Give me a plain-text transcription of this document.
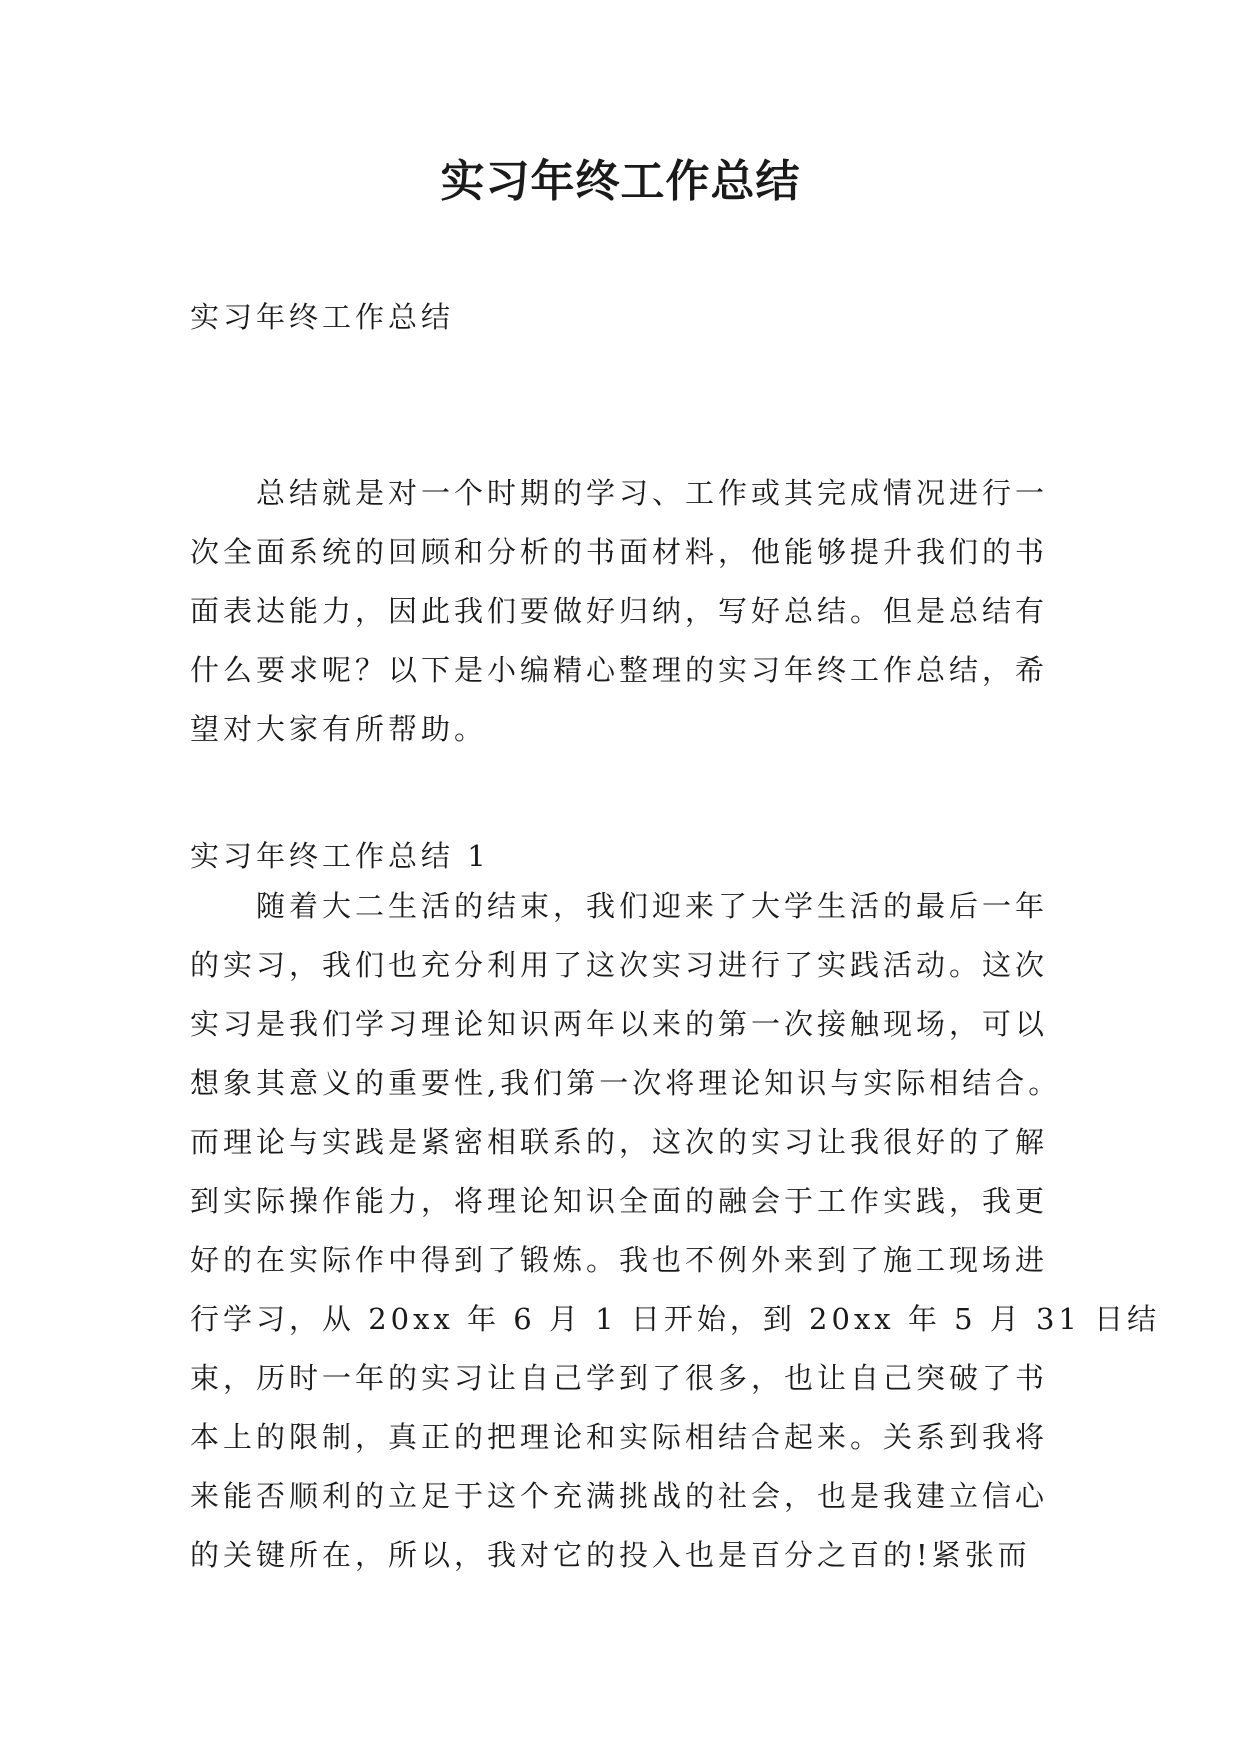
实习年终工作总结

实习年终工作总结

　　总结就是对一个时期的学习、工作或其完成情况进行一
次全面系统的回顾和分析的书面材料，他能够提升我们的书
面表达能力，因此我们要做好归纳，写好总结。但是总结有
什么要求呢？以下是小编精心整理的实习年终工作总结，希
望对大家有所帮助。

实习年终工作总结 1

　　随着大二生活的结束，我们迎来了大学生活的最后一年
的实习，我们也充分利用了这次实习进行了实践活动。这次
实习是我们学习理论知识两年以来的第一次接触现场，可以
想象其意义的重要性,我们第一次将理论知识与实际相结合。
而理论与实践是紧密相联系的，这次的实习让我很好的了解
到实际操作能力，将理论知识全面的融会于工作实践，我更
好的在实际作中得到了锻炼。我也不例外来到了施工现场进
行学习，从 20xx 年 6 月 1 日开始，到 20xx 年 5 月 31 日结
束，历时一年的实习让自己学到了很多，也让自己突破了书
本上的限制，真正的把理论和实际相结合起来。关系到我将
来能否顺利的立足于这个充满挑战的社会，也是我建立信心
的关键所在，所以，我对它的投入也是百分之百的!紧张而
